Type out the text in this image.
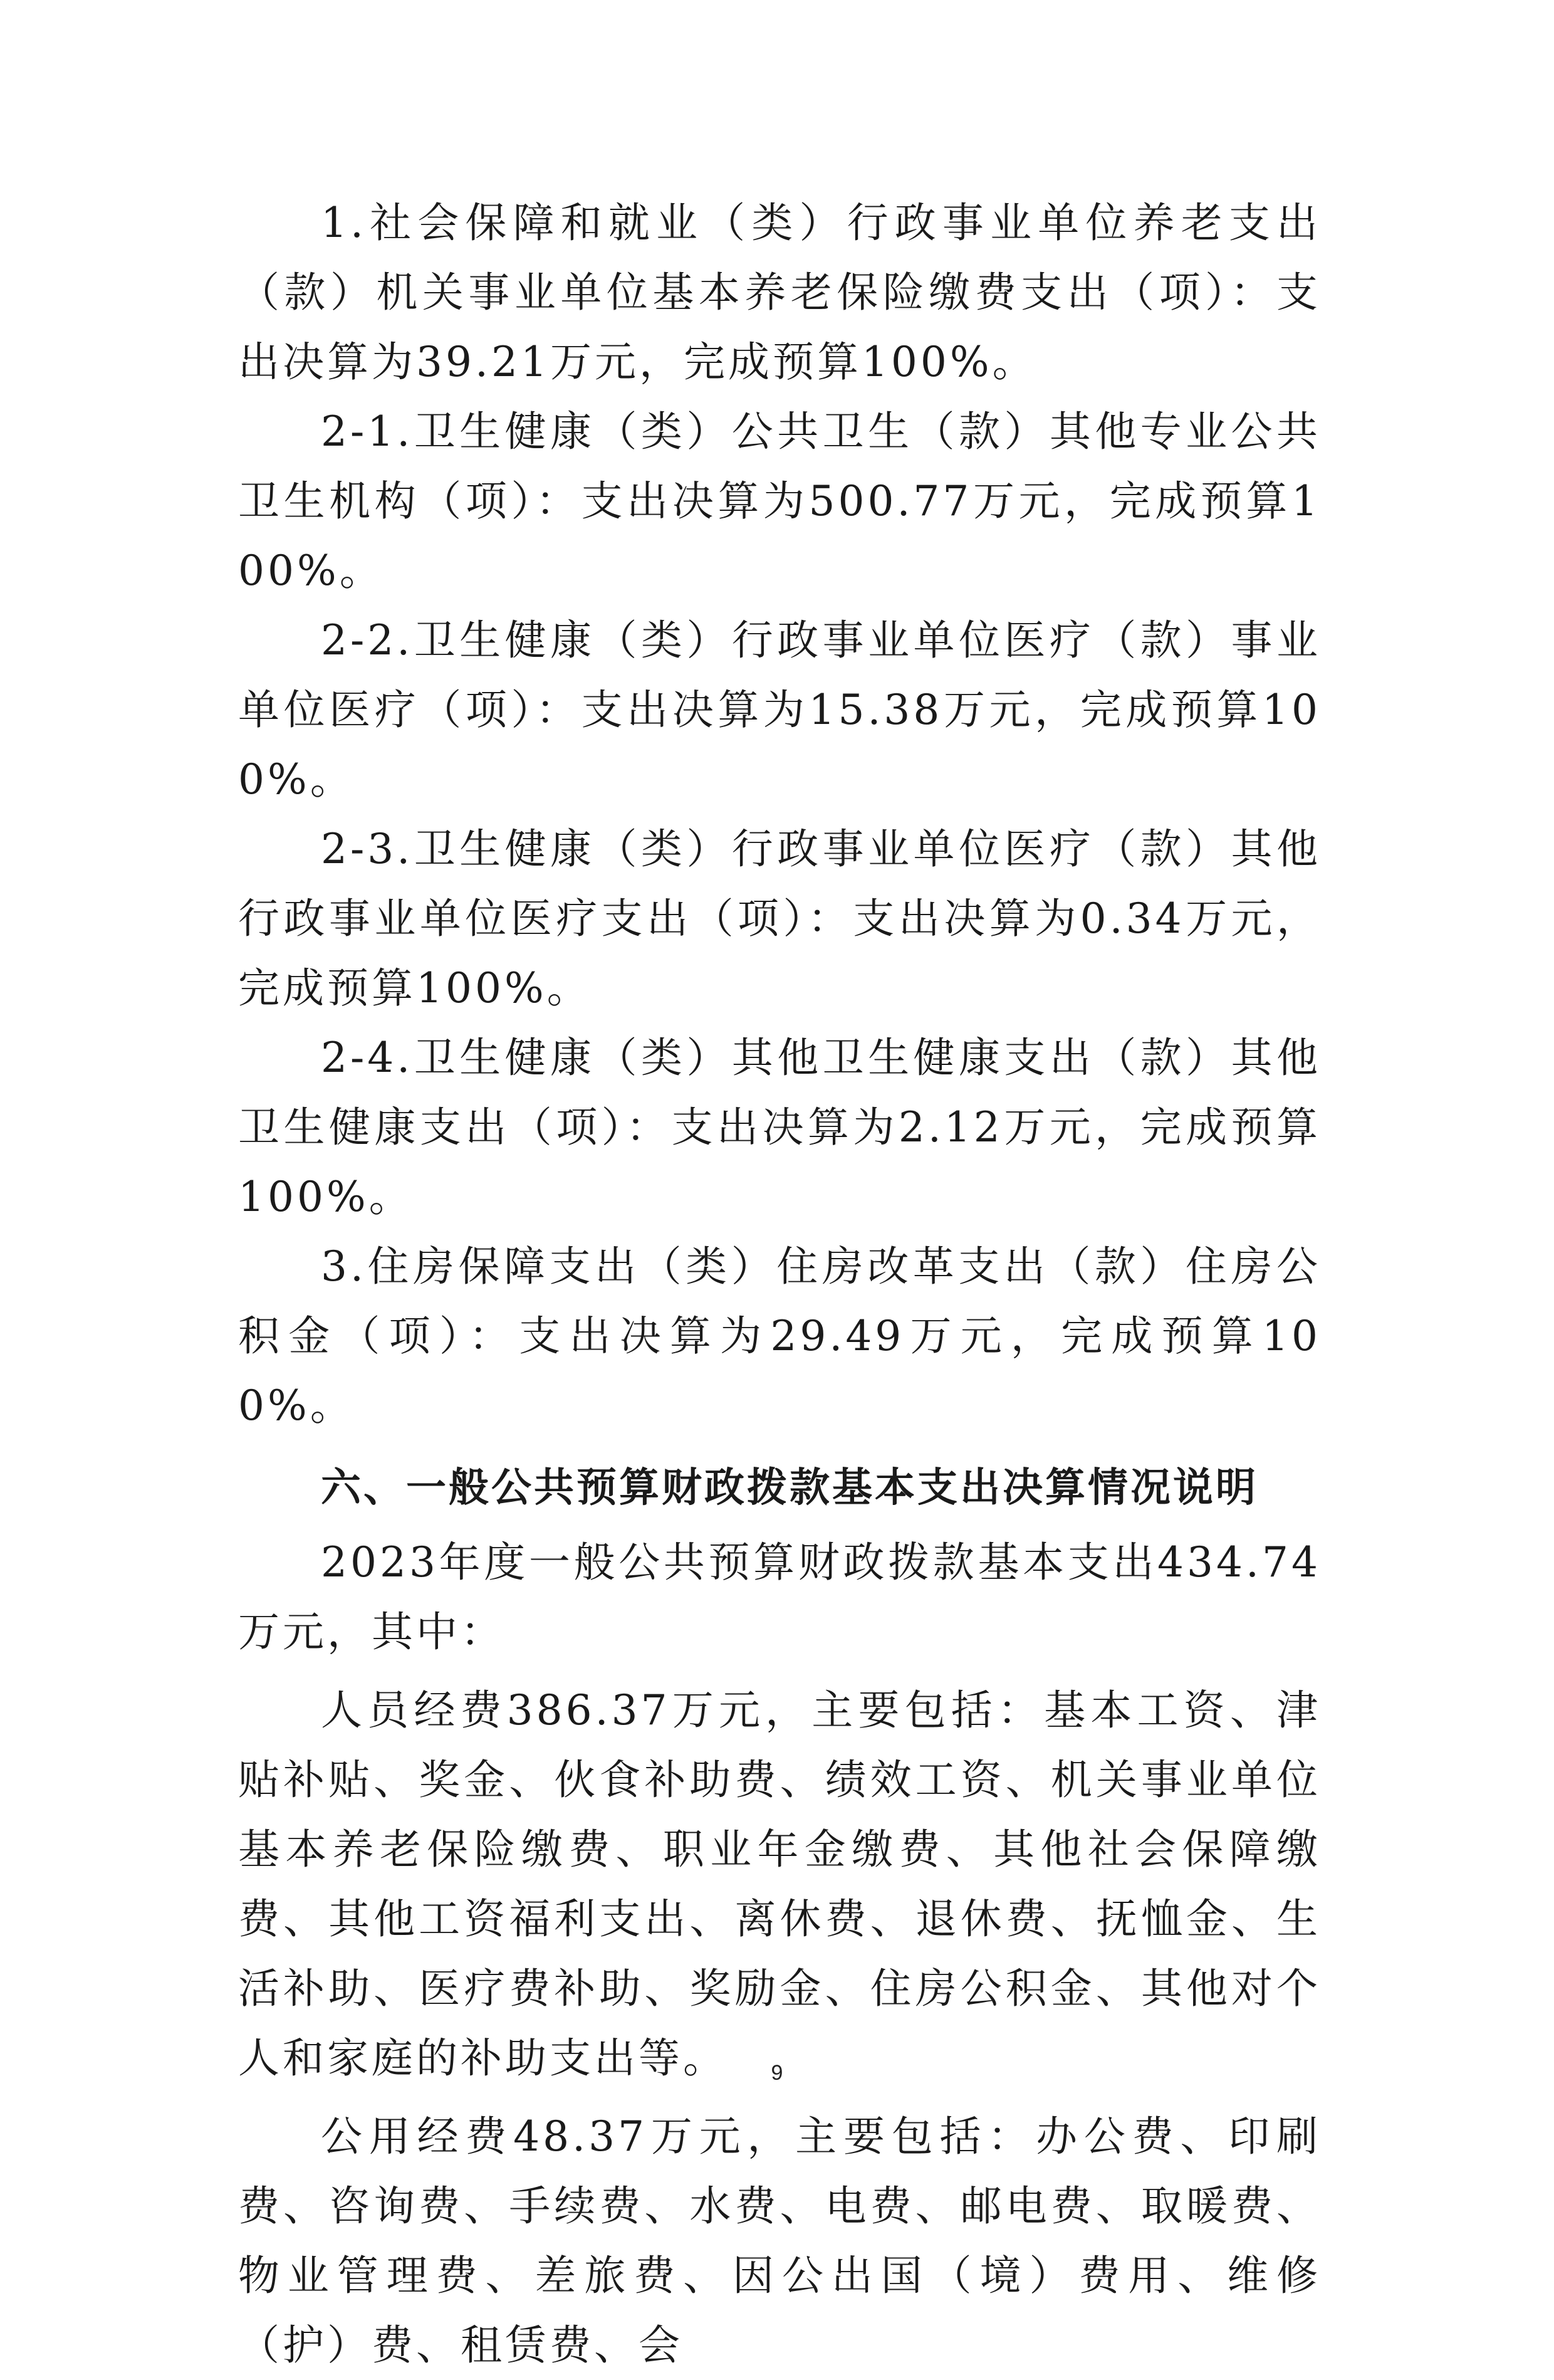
1.社会保障和就业（类）行政事业单位养老支出（款）机关事业单位基本养老保险缴费支出（项）：支出决算为39.21万元，完成预算100%。

2-1.卫生健康（类）公共卫生（款）其他专业公共卫生机构（项）：支出决算为500.77万元，完成预算100%。

2-2.卫生健康（类）行政事业单位医疗（款）事业单位医疗（项）：支出决算为15.38万元，完成预算100%。

2-3.卫生健康（类）行政事业单位医疗（款）其他行政事业单位医疗支出（项）：支出决算为0.34万元，完成预算100%。

2-4.卫生健康（类）其他卫生健康支出（款）其他卫生健康支出（项）：支出决算为2.12万元，完成预算100%。

3.住房保障支出（类）住房改革支出（款）住房公积金（项）：支出决算为29.49万元，完成预算100%。

六、一般公共预算财政拨款基本支出决算情况说明

2023年度一般公共预算财政拨款基本支出434.74万元，其中：

人员经费386.37万元，主要包括：基本工资、津贴补贴、奖金、伙食补助费、绩效工资、机关事业单位基本养老保险缴费、职业年金缴费、其他社会保障缴费、其他工资福利支出、离休费、退休费、抚恤金、生活补助、医疗费补助、奖励金、住房公积金、其他对个人和家庭的补助支出等。

公用经费48.37万元，主要包括：办公费、印刷费、咨询费、手续费、水费、电费、邮电费、取暖费、物业管理费、差旅费、因公出国（境）费用、维修（护）费、租赁费、会

9
